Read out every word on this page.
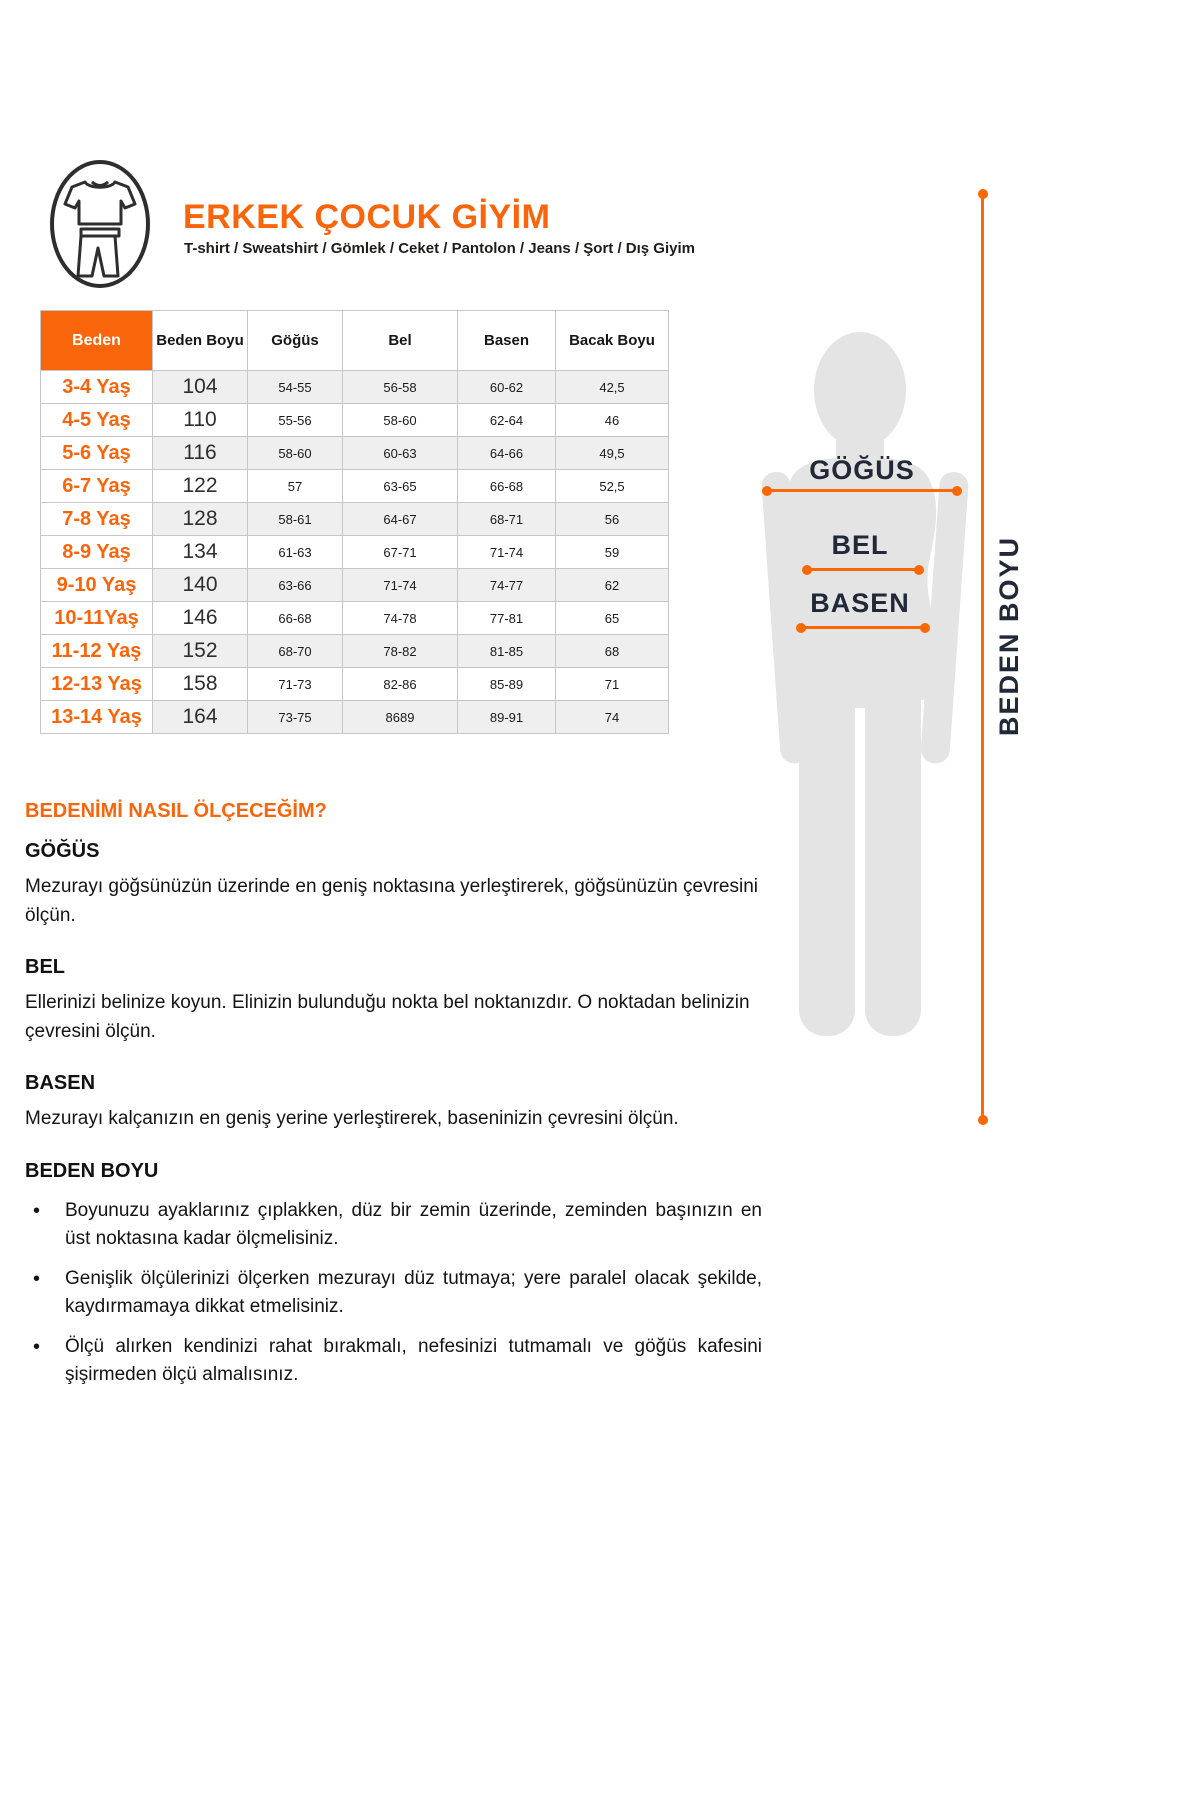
ERKEK ÇOCUK GİYİM
T-shirt / Sweatshirt / Gömlek / Ceket / Pantolon / Jeans / Şort / Dış Giyim
Beden	Beden Boyu	Göğüs	Bel	Basen	Bacak Boyu
3-4 Yaş	104	54-55	56-58	60-62	42,5
4-5 Yaş	110	55-56	58-60	62-64	46
5-6 Yaş	116	58-60	60-63	64-66	49,5
6-7 Yaş	122	57	63-65	66-68	52,5
7-8 Yaş	128	58-61	64-67	68-71	56
8-9 Yaş	134	61-63	67-71	71-74	59
9-10 Yaş	140	63-66	71-74	74-77	62
10-11Yaş	146	66-68	74-78	77-81	65
11-12 Yaş	152	68-70	78-82	81-85	68
12-13 Yaş	158	71-73	82-86	85-89	71
13-14 Yaş	164	73-75	8689	89-91	74
GÖĞÜS
BEL
BASEN	BEDEN BOYU
BEDENİMİ NASIL ÖLÇECEĞİM?
GÖĞÜS

Mezurayı göğsünüzün üzerinde en geniş noktasına yerleştirerek, göğsünüzün çevresini ölçün.

BEL

Ellerinizi belinize koyun. Elinizin bulunduğu nokta bel noktanızdır. O noktadan belinizin çevresini ölçün.

BASEN

Mezurayı kalçanızın en geniş yerine yerleştirerek, baseninizin çevresini ölçün.

BEDEN BOYU
• Boyunuzu ayaklarınız çıplakken, düz bir zemin üzerinde, zeminden başınızın en üst noktasına kadar ölçmelisiniz.
• Genişlik ölçülerinizi ölçerken mezurayı düz tutmaya; yere paralel olacak şekilde, kaydırmamaya dikkat etmelisiniz.
• Ölçü alırken kendinizi rahat bırakmalı, nefesinizi tutmamalı ve göğüs kafesini şişirmeden ölçü almalısınız.
